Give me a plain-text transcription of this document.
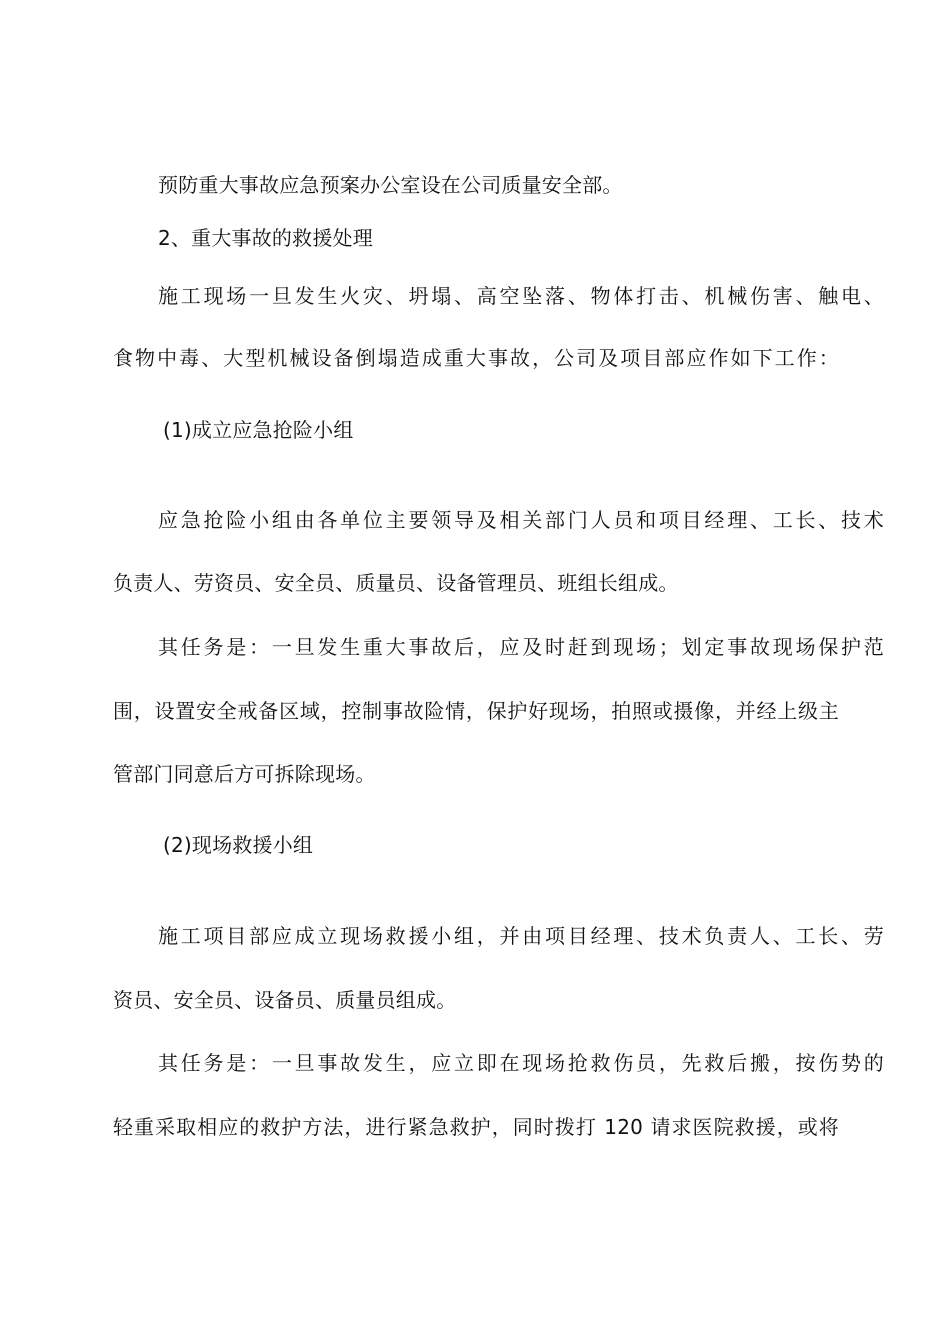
预防重大事故应急预案办公室设在公司质量安全部。
2、重大事故的救援处理
施工现场一旦发生火灾、坍塌、高空坠落、物体打击、机械伤害、触电、
食物中毒、大型机械设备倒塌造成重大事故，公司及项目部应作如下工作：
(1)成立应急抢险小组
应急抢险小组由各单位主要领导及相关部门人员和项目经理、工长、技术
负责人、劳资员、安全员、质量员、设备管理员、班组长组成。
其任务是：一旦发生重大事故后，应及时赶到现场；划定事故现场保护范
围，设置安全戒备区域，控制事故险情，保护好现场，拍照或摄像，并经上级主
管部门同意后方可拆除现场。
(2)现场救援小组
施工项目部应成立现场救援小组，并由项目经理、技术负责人、工长、劳
资员、安全员、设备员、质量员组成。
其任务是：一旦事故发生，应立即在现场抢救伤员，先救后搬，按伤势的
轻重采取相应的救护方法，进行紧急救护，同时拨打 120 请求医院救援，或将
